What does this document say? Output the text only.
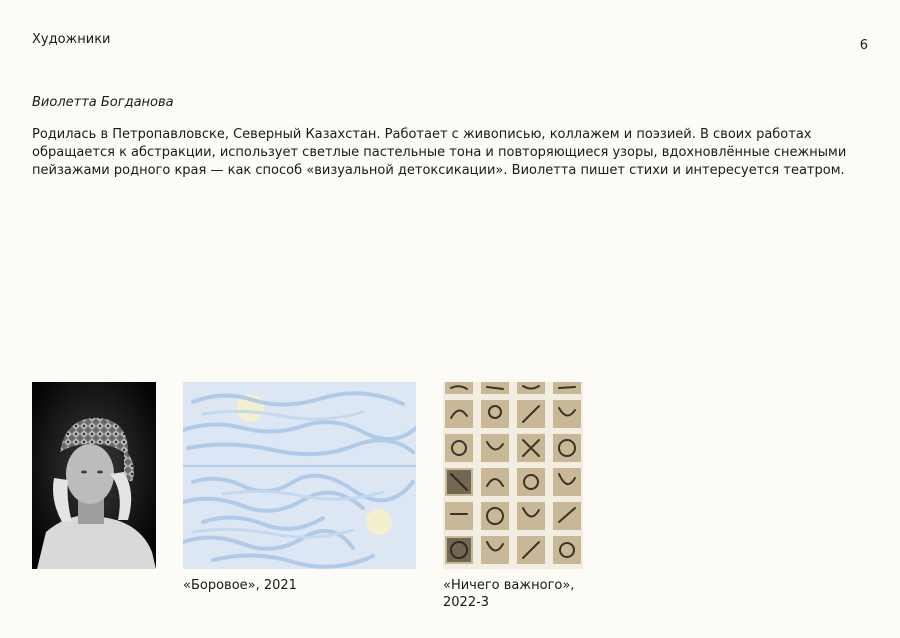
Художники	6
Виолетта Богданова

Родилась в Петропавловске, Северный Казахстан. Работает с живописью, коллажем и поэзией. В своих работах обращается к абстракции, использует светлые пастельные тона и повторяющиеся узоры, вдохновлённые снежными пейзажами родного края — как способ «визуальной детоксикации». Виолетта пишет стихи и интересуется театром.

«Боровое», 2021	«Ничего важного»,
2022-3
